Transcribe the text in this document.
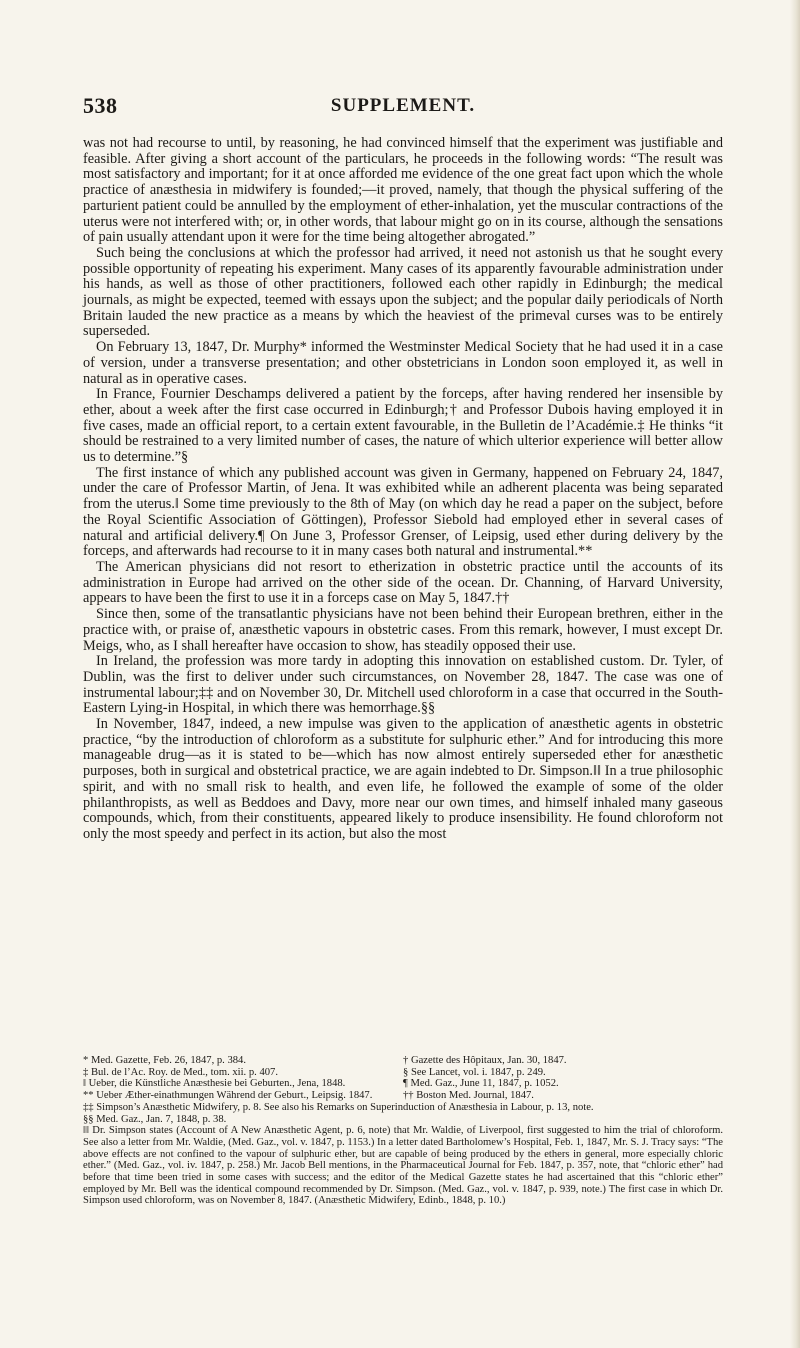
538	SUPPLEMENT.

was not had recourse to until, by reasoning, he had convinced himself that the experiment was justifiable and feasible. After giving a short account of the particulars, he proceeds in the following words: “The result was most satisfactory and important; for it at once afforded me evidence of the one great fact upon which the whole practice of anæsthesia in midwifery is founded;—it proved, namely, that though the physical suffering of the parturient patient could be annulled by the employment of ether-inhalation, yet the muscular contractions of the uterus were not interfered with; or, in other words, that labour might go on in its course, although the sensations of pain usually attendant upon it were for the time being altogether abrogated.”

Such being the conclusions at which the professor had arrived, it need not astonish us that he sought every possible opportunity of repeating his experiment. Many cases of its apparently favourable administration under his hands, as well as those of other practitioners, followed each other rapidly in Edinburgh; the medical journals, as might be expected, teemed with essays upon the subject; and the popular daily periodicals of North Britain lauded the new practice as a means by which the heaviest of the primeval curses was to be entirely superseded.

On February 13, 1847, Dr. Murphy* informed the Westminster Medical Society that he had used it in a case of version, under a transverse presentation; and other obstetricians in London soon employed it, as well in natural as in operative cases.

In France, Fournier Deschamps delivered a patient by the forceps, after having rendered her insensible by ether, about a week after the first case occurred in Edinburgh;† and Professor Dubois having employed it in five cases, made an official report, to a certain extent favourable, in the Bulletin de l’Académie.‡ He thinks “it should be restrained to a very limited number of cases, the nature of which ulterior experience will better allow us to determine.”§

The first instance of which any published account was given in Germany, happened on February 24, 1847, under the care of Professor Martin, of Jena. It was exhibited while an adherent placenta was being separated from the uterus.‖ Some time previously to the 8th of May (on which day he read a paper on the subject, before the Royal Scientific Association of Göttingen), Professor Siebold had employed ether in several cases of natural and artificial delivery.¶ On June 3, Professor Grenser, of Leipsig, used ether during delivery by the forceps, and afterwards had recourse to it in many cases both natural and instrumental.**

The American physicians did not resort to etherization in obstetric practice until the accounts of its administration in Europe had arrived on the other side of the ocean. Dr. Channing, of Harvard University, appears to have been the first to use it in a forceps case on May 5, 1847.††

Since then, some of the transatlantic physicians have not been behind their European brethren, either in the practice with, or praise of, anæsthetic vapours in obstetric cases. From this remark, however, I must except Dr. Meigs, who, as I shall hereafter have occasion to show, has steadily opposed their use.

In Ireland, the profession was more tardy in adopting this innovation on established custom. Dr. Tyler, of Dublin, was the first to deliver under such circumstances, on November 28, 1847. The case was one of instrumental labour;‡‡ and on November 30, Dr. Mitchell used chloroform in a case that occurred in the South-Eastern Lying-in Hospital, in which there was hemorrhage.§§

In November, 1847, indeed, a new impulse was given to the application of anæsthetic agents in obstetric practice, “by the introduction of chloroform as a substitute for sulphuric ether.” And for introducing this more manageable drug—as it is stated to be—which has now almost entirely superseded ether for anæsthetic purposes, both in surgical and obstetrical practice, we are again indebted to Dr. Simpson.‖‖ In a true philosophic spirit, and with no small risk to health, and even life, he followed the example of some of the older philanthropists, as well as Beddoes and Davy, more near our own times, and himself inhaled many gaseous compounds, which, from their constituents, appeared likely to produce insensibility. He found chloroform not only the most speedy and perfect in its action, but also the most

* Med. Gazette, Feb. 26, 1847, p. 384.	† Gazette des Hôpitaux, Jan. 30, 1847.
‡ Bul. de l’Ac. Roy. de Med., tom. xii. p. 407.	§ See Lancet, vol. i. 1847, p. 249.
‖ Ueber, die Künstliche Anæsthesie bei Geburten., Jena, 1848.	¶ Med. Gaz., June 11, 1847, p. 1052.
** Ueber Æther-einathmungen Während der Geburt., Leipsig. 1847.	†† Boston Med. Journal, 1847.

‡‡ Simpson’s Anæsthetic Midwifery, p. 8. See also his Remarks on Superinduction of Anæsthesia in Labour, p. 13, note.

§§ Med. Gaz., Jan. 7, 1848, p. 38.

‖‖ Dr. Simpson states (Account of A New Anæsthetic Agent, p. 6, note) that Mr. Waldie, of Liverpool, first suggested to him the trial of chloroform. See also a letter from Mr. Waldie, (Med. Gaz., vol. v. 1847, p. 1153.) In a letter dated Bartholomew’s Hospital, Feb. 1, 1847, Mr. S. J. Tracy says: “The above effects are not confined to the vapour of sulphuric ether, but are capable of being produced by the ethers in general, more especially chloric ether.” (Med. Gaz., vol. iv. 1847, p. 258.) Mr. Jacob Bell mentions, in the Pharmaceutical Journal for Feb. 1847, p. 357, note, that “chloric ether” had before that time been tried in some cases with success; and the editor of the Medical Gazette states he had ascertained that this “chloric ether” employed by Mr. Bell was the identical compound recommended by Dr. Simpson. (Med. Gaz., vol. v. 1847, p. 939, note.) The first case in which Dr. Simpson used chloroform, was on November 8, 1847. (Anæsthetic Midwifery, Edinb., 1848, p. 10.)
